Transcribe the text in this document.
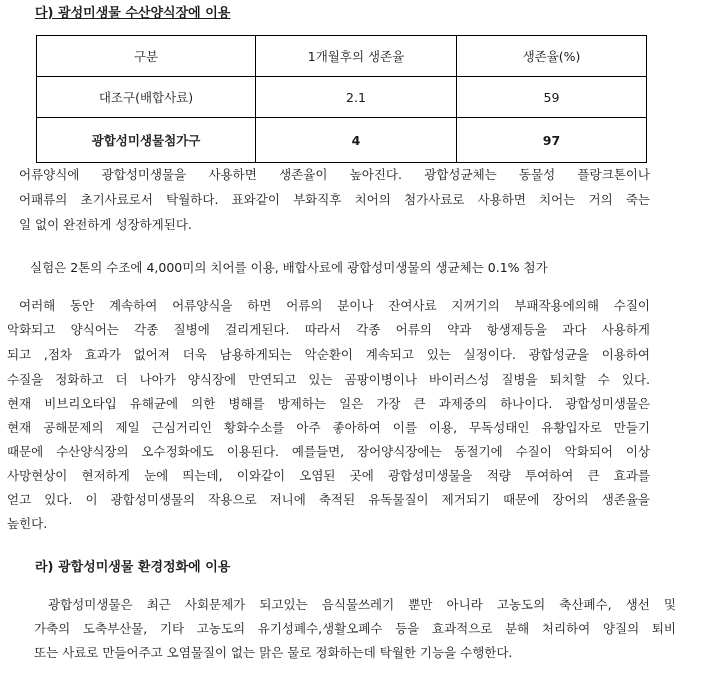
다) 광성미생물 수산양식장에 이용
구분	1개월후의 생존율	생존율(%)
대조구(배합사료)	2.1	59
광합성미생물첨가구	4	97
어류양식에 광합성미생물을 사용하면 생존율이 높아진다. 광합성균체는 동물성 플랑크톤이나
어패류의 초기사료로서 탁월하다. 표와같이 부화직후 치어의 첨가사료로 사용하면 치어는 거의 죽는
일 없이 완전하게 성장하게된다.
실험은 2톤의 수조에 4,000미의 치어를 이용, 배합사료에 광합성미생물의 생균체는 0.1% 첨가
여러해 동안 계속하여 어류양식을 하면 어류의 분이나 잔여사료 지꺼기의 부패작용에의해 수질이
악화되고 양식어는 각종 질병에 걸리게된다. 따라서 각종 어류의 약과 항생제등을 과다 사용하게
되고 ,점차 효과가 없어져 더욱 남용하게되는 악순환이 계속되고 있는 실정이다. 광합성균을 이용하여
수질을 정화하고 더 나아가 양식장에 만연되고 있는 곰팡이병이나 바이러스성 질병을 퇴치할 수 있다.
현재 비브리오타입 유해균에 의한 병해를 방제하는 일은 가장 큰 과제중의 하나이다. 광합성미생물은
현재 공해문제의 제일 근심거리인 황화수소를 아주 좋아하여 이를 이용, 무독성태인 유황입자로 만들기
때문에 수산양식장의 오수정화에도 이용된다. 예를들면, 장어양식장에는 동절기에 수질이 악화되어 이상
사망현상이 현저하게 눈에 띄는데, 이와같이 오염된 곳에 광합성미생물을 적량 투여하여 큰 효과를
얻고 있다. 이 광합성미생물의 작용으로 저니에 축적된 유독물질이 제거되기 때문에 장어의 생존율을
높힌다.
라) 광합성미생물 환경정화에 이용
광합성미생물은 최근 사회문제가 되고있는 음식물쓰레기 뿐만 아니라 고농도의 축산폐수, 생선 및
가축의 도축부산물, 기타 고농도의 유기성폐수,생활오폐수 등을 효과적으로 분해 처리하여 양질의 퇴비
또는 사료로 만들어주고 오염물질이 없는 맑은 물로 정화하는데 탁월한 기능을 수행한다.
